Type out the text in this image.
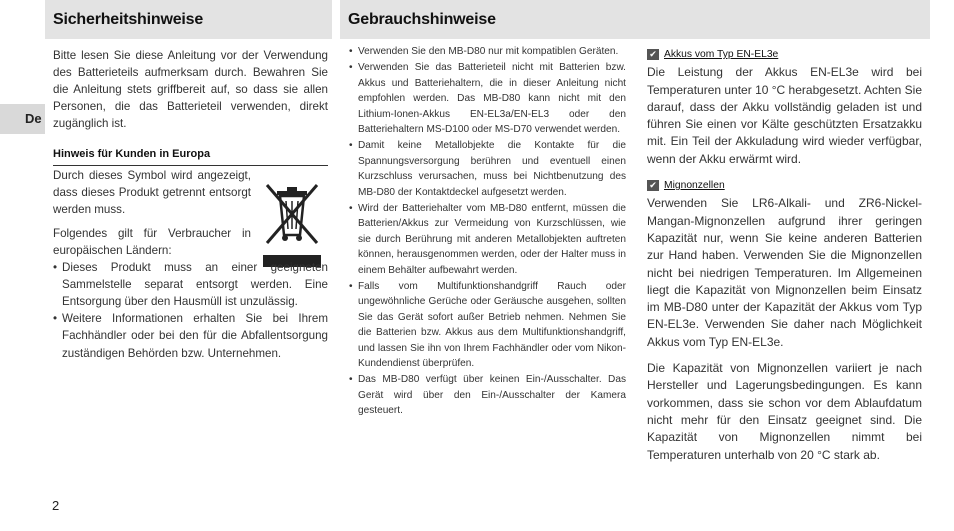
Sicherheitshinweise	Gebrauchshinweise
De

Bitte lesen Sie diese Anleitung vor der Verwendung des Batterieteils aufmerksam durch. Bewahren Sie die Anleitung stets griffbereit auf, so dass sie allen Personen, die das Batterieteil verwenden, direkt zugänglich ist.

Hinweis für Kunden in Europa

Durch dieses Symbol wird angezeigt, dass dieses Produkt getrennt entsorgt werden muss.

Folgendes gilt für Verbraucher in europäischen Ländern:

• Dieses Produkt muss an einer geeigneten Sammelstelle separat entsorgt werden. Eine Entsorgung über den Hausmüll ist unzulässig.
• Weitere Informationen erhalten Sie bei Ihrem Fachhändler oder bei den für die Abfallentsorgung zuständigen Behörden bzw. Unternehmen.
• Verwenden Sie den MB-D80 nur mit kompatiblen Geräten.
• Verwenden Sie das Batterieteil nicht mit Batterien bzw. Akkus und Batteriehaltern, die in dieser Anleitung nicht empfohlen werden. Das MB-D80 kann nicht mit den Lithium-Ionen-Akkus EN-EL3a/EN-EL3 oder den Batteriehaltern MS-D100 oder MS-D70 verwendet werden.
• Damit keine Metallobjekte die Kontakte für die Spannungsversorgung berühren und eventuell einen Kurzschluss verursachen, muss bei Nichtbenutzung des MB-D80 der Kontaktdeckel aufgesetzt werden.
• Wird der Batteriehalter vom MB-D80 entfernt, müssen die Batterien/Akkus zur Vermeidung von Kurzschlüssen, wie sie durch Berührung mit anderen Metallobjekten auftreten können, herausgenommen werden, oder der Halter muss in einem Behälter aufbewahrt werden.
• Falls vom Multifunktionshandgriff Rauch oder ungewöhnliche Gerüche oder Geräusche ausgehen, sollten Sie das Gerät sofort außer Betrieb nehmen. Nehmen Sie die Batterien bzw. Akkus aus dem Multifunktionshandgriff, und lassen Sie ihn von Ihrem Fachhändler oder vom Nikon-Kundendienst überprüfen.
• Das MB-D80 verfügt über keinen Ein-/Ausschalter. Das Gerät wird über den Ein-/Ausschalter der Kamera gesteuert.
✔ Akkus vom Typ EN-EL3e

Die Leistung der Akkus EN-EL3e wird bei Temperaturen unter 10 °C herabgesetzt. Achten Sie darauf, dass der Akku vollständig geladen ist und führen Sie einen vor Kälte geschützten Ersatzakku mit. Ein Teil der Akkuladung wird wieder verfügbar, wenn der Akku erwärmt wird.

✔ Mignonzellen

Verwenden Sie LR6-Alkali- und ZR6-Nickel-Mangan-Mignonzellen aufgrund ihrer geringen Kapazität nur, wenn Sie keine anderen Batterien zur Hand haben. Verwenden Sie die Mignonzellen nicht bei niedrigen Temperaturen. Im Allgemeinen liegt die Kapazität von Mignonzellen beim Einsatz im MB-D80 unter der Kapazität der Akkus vom Typ EN-EL3e. Verwenden Sie daher nach Möglichkeit Akkus vom Typ EN-EL3e.

Die Kapazität von Mignonzellen variiert je nach Hersteller und Lagerungsbedingungen. Es kann vorkommen, dass sie schon vor dem Ablaufdatum nicht mehr für den Einsatz geeignet sind. Die Kapazität von Mignonzellen nimmt bei Temperaturen unterhalb von 20 °C stark ab.

2
